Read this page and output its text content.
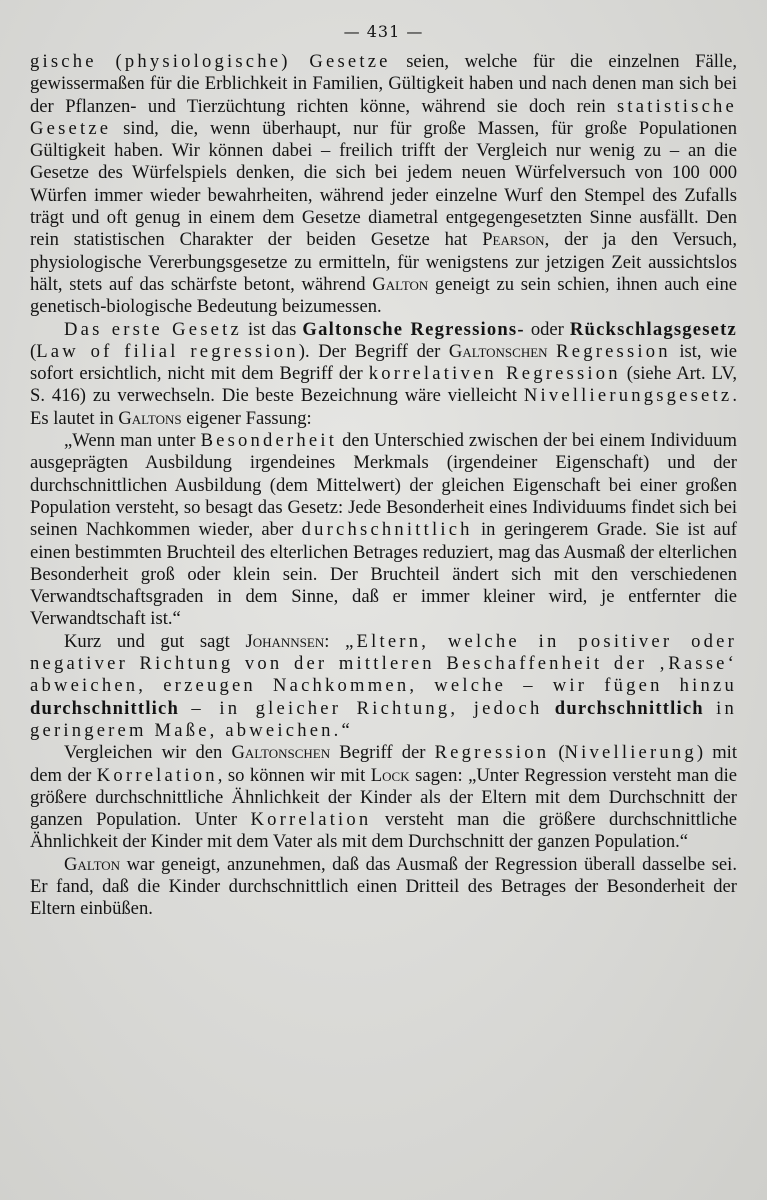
— 431 —

gische (physiologische) Gesetze seien, welche für die einzelnen Fälle, gewissermaßen für die Erblichkeit in Familien, Gültigkeit haben und nach denen man sich bei der Pflanzen- und Tierzüchtung richten könne, während sie doch rein statistische Gesetze sind, die, wenn überhaupt, nur für große Massen, für große Populationen Gültigkeit haben. Wir können dabei – freilich trifft der Vergleich nur wenig zu – an die Gesetze des Würfelspiels denken, die sich bei jedem neuen Würfelversuch von 100 000 Würfen immer wieder bewahrheiten, während jeder einzelne Wurf den Stempel des Zufalls trägt und oft genug in einem dem Gesetze diametral entgegengesetzten Sinne ausfällt. Den rein statistischen Charakter der beiden Gesetze hat Pearson, der ja den Versuch, physiologische Vererbungsgesetze zu ermitteln, für wenigstens zur jetzigen Zeit aussichtslos hält, stets auf das schärfste betont, während Galton geneigt zu sein schien, ihnen auch eine genetisch-biologische Bedeutung beizumessen.

Das erste Gesetz ist das Galtonsche Regressions- oder Rückschlagsgesetz (Law of filial regression). Der Begriff der Galtonschen Regression ist, wie sofort ersichtlich, nicht mit dem Begriff der korrelativen Regression (siehe Art. LV, S. 416) zu verwechseln. Die beste Bezeichnung wäre vielleicht Nivellierungsgesetz. Es lautet in Galtons eigener Fassung:

„Wenn man unter Besonderheit den Unterschied zwischen der bei einem Individuum ausgeprägten Ausbildung irgendeines Merkmals (irgendeiner Eigenschaft) und der durchschnittlichen Ausbildung (dem Mittelwert) der gleichen Eigenschaft bei einer großen Population versteht, so besagt das Gesetz: Jede Besonderheit eines Individuums findet sich bei seinen Nachkommen wieder, aber durchschnittlich in geringerem Grade. Sie ist auf einen bestimmten Bruchteil des elterlichen Betrages reduziert, mag das Ausmaß der elterlichen Besonderheit groß oder klein sein. Der Bruchteil ändert sich mit den verschiedenen Verwandtschaftsgraden in dem Sinne, daß er immer kleiner wird, je entfernter die Verwandtschaft ist.“

Kurz und gut sagt Johannsen: „Eltern, welche in positiver oder negativer Richtung von der mittleren Beschaffenheit der ‚Rasse‘ abweichen, erzeugen Nachkommen, welche – wir fügen hinzu durchschnittlich – in gleicher Richtung, jedoch durchschnittlich in geringerem Maße, abweichen.“

Vergleichen wir den Galtonschen Begriff der Regression (Nivellierung) mit dem der Korrelation, so können wir mit Lock sagen: „Unter Regression versteht man die größere durchschnittliche Ähnlichkeit der Kinder als der Eltern mit dem Durchschnitt der ganzen Population. Unter Korrelation versteht man die größere durchschnittliche Ähnlichkeit der Kinder mit dem Vater als mit dem Durchschnitt der ganzen Population.“

Galton war geneigt, anzunehmen, daß das Ausmaß der Regression überall dasselbe sei. Er fand, daß die Kinder durchschnittlich einen Dritteil des Betrages der Besonderheit der Eltern einbüßen.
